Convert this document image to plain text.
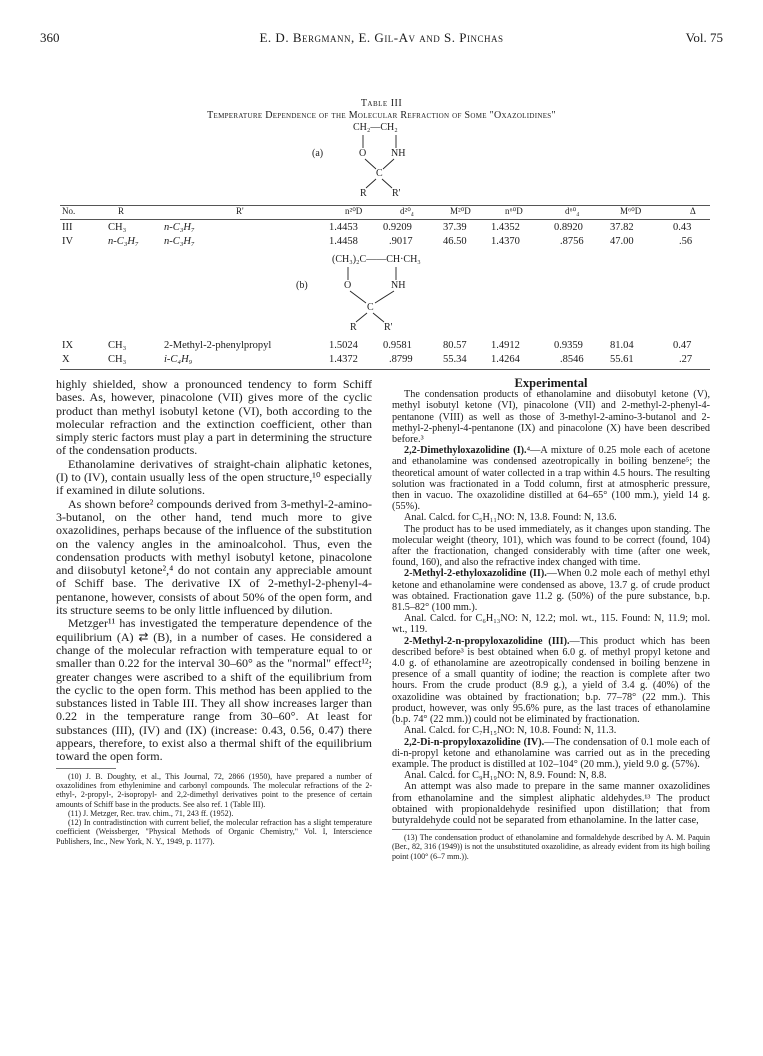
360	E. D. Bergmann, E. Gil-Av and S. Pinchas	Vol. 75
Table III
Temperature Dependence of the Molecular Refraction of Some "Oxazolidines"
CH₂—CH₂
(a)	O NH
C
R	R'
No.	R	R'	n²⁰D	d²⁰₄	M²⁰D	n⁶⁰D	d⁶⁰₄	M⁶⁰D	Δ
III	CH₃	n-C₃H₇	1.4453 0.9209	37.39 1.4352	0.8920	37.82	0.43
IV	n-C₃H₇ n-C₃H₇	1.4458	.9017	46.50 1.4370	.8756	47.00	.56
(CH₃)₂C——CH·CH₃
(b)	O	NH
C
R	R'
IX	CH₃	2-Methyl-2-phenylpropyl	1.5024 0.9581	80.57 1.4912	0.9359	81.04	0.47
X	CH₃	i-C₄H₉	1.4372	.8799	55.34 1.4264	.8546	55.61	.27

highly shielded, show a pronounced tendency to form Schiff bases. As, however, pinacolone (VII) gives more of the cyclic product than methyl isobutyl ketone (VI), both according to the molecular refraction and the extinction coefficient, other than simply steric factors must play a part in determining the structure of the condensation products.

Ethanolamine derivatives of straight-chain aliphatic ketones, (I) to (IV), contain usually less of the open structure,¹⁰ especially if examined in dilute solutions.

As shown before² compounds derived from 3-methyl-2-amino-3-butanol, on the other hand, tend much more to give oxazolidines, perhaps because of the influence of the substitution on the valency angles in the aminoalcohol. Thus, even the condensation products with methyl isobutyl ketone, pinacolone and diisobutyl ketone²,⁴ do not contain any appreciable amount of Schiff base. The derivative IX of 2-methyl-2-phenyl-4-pentanone, however, consists of about 50% of the open form, and its structure seems to be only little influenced by dilution.

Metzger¹¹ has investigated the temperature dependence of the equilibrium (A) ⇄ (B), in a number of cases. He considered a change of the molecular refraction with temperature equal to or smaller than 0.22 for the interval 30–60° as the "normal" effect¹²; greater changes were ascribed to a shift of the equilibrium from the cyclic to the open form. This method has been applied to the substances listed in Table III. They all show increases larger than 0.22 in the temperature range from 30–60°. At least for substances (III), (IV) and (IX) (increase: 0.43, 0.56, 0.47) there appears, therefore, to exist also a thermal shift of the equilibrium toward the open form.

(10) J. B. Doughty, et al., This Journal, 72, 2866 (1950), have prepared a number of oxazolidines from ethylenimine and carbonyl compounds. The molecular refractions of the 2-ethyl-, 2-propyl-, 2-isopropyl- and 2,2-dimethyl derivatives point to the presence of certain amounts of Schiff base in the products. See also ref. 1 (Table III).

(11) J. Metzger, Rec. trav. chim., 71, 243 ff. (1952).

(12) In contradistinction with current belief, the molecular refraction has a slight temperature coefficient (Weissberger, "Physical Methods of Organic Chemistry," Vol. I, Interscience Publishers, Inc., New York, N. Y., 1949, p. 1177).

Experimental

The condensation products of ethanolamine and diisobutyl ketone (V), methyl isobutyl ketone (VI), pinacolone (VII) and 2-methyl-2-phenyl-4-pentanone (VIII) as well as those of 3-methyl-2-amino-3-butanol and 2-methyl-2-phenyl-4-pentanone (IX) and pinacolone (X) have been described before.³

2,2-Dimethyloxazolidine (I).⁴—A mixture of 0.25 mole each of acetone and ethanolamine was condensed azeotropically in boiling benzene⁵; the theoretical amount of water collected in a trap within 4.5 hours. The resulting solution was fractionated in a Todd column, first at atmospheric pressure, then in vacuo. The oxazolidine distilled at 64–65° (100 mm.), yield 14 g. (55%).

Anal. Calcd. for C₅H₁₁NO: N, 13.8. Found: N, 13.6.

The product has to be used immediately, as it changes upon standing. The molecular weight (theory, 101), which was found to be correct (found, 104) after the fractionation, changed considerably with time (after one week, found, 160), and also the refractive index changed with time.

2-Methyl-2-ethyloxazolidine (II).—When 0.2 mole each of methyl ethyl ketone and ethanolamine were condensed as above, 13.7 g. of crude product was obtained. Fractionation gave 11.2 g. (50%) of the pure substance, b.p. 81.5–82° (100 mm.).

Anal. Calcd. for C₆H₁₃NO: N, 12.2; mol. wt., 115. Found: N, 11.9; mol. wt., 119.

2-Methyl-2-n-propyloxazolidine (III).—This product which has been described before³ is best obtained when 6.0 g. of methyl propyl ketone and 4.0 g. of ethanolamine are azeotropically condensed in boiling benzene in presence of a small quantity of iodine; the reaction is complete after two hours. From the crude product (8.9 g.), a yield of 3.4 g. (40%) of the oxazolidine was obtained by fractionation; b.p. 77–78° (22 mm.). This product, however, was only 95.6% pure, as the last traces of ethanolamine (b.p. 74° (22 mm.)) could not be eliminated by fractionation.

Anal. Calcd. for C₇H₁₅NO: N, 10.8. Found: N, 11.3.

2,2-Di-n-propyloxazolidine (IV).—The condensation of 0.1 mole each of di-n-propyl ketone and ethanolamine was carried out as in the preceding example. The product is distilled at 102–104° (20 mm.), yield 9.0 g. (57%).

Anal. Calcd. for C₉H₁₉NO: N, 8.9. Found: N, 8.8.

An attempt was also made to prepare in the same manner oxazolidines from ethanolamine and the simplest aliphatic aldehydes.¹³ The product obtained with propionaldehyde resinified upon distillation; that from butyraldehyde could not be separated from ethanolamine. In the latter case,

(13) The condensation product of ethanolamine and formaldehyde described by A. M. Paquin (Ber., 82, 316 (1949)) is not the unsubstituted oxazolidine, as already evident from its high boiling point (100° (6–7 mm.)).
